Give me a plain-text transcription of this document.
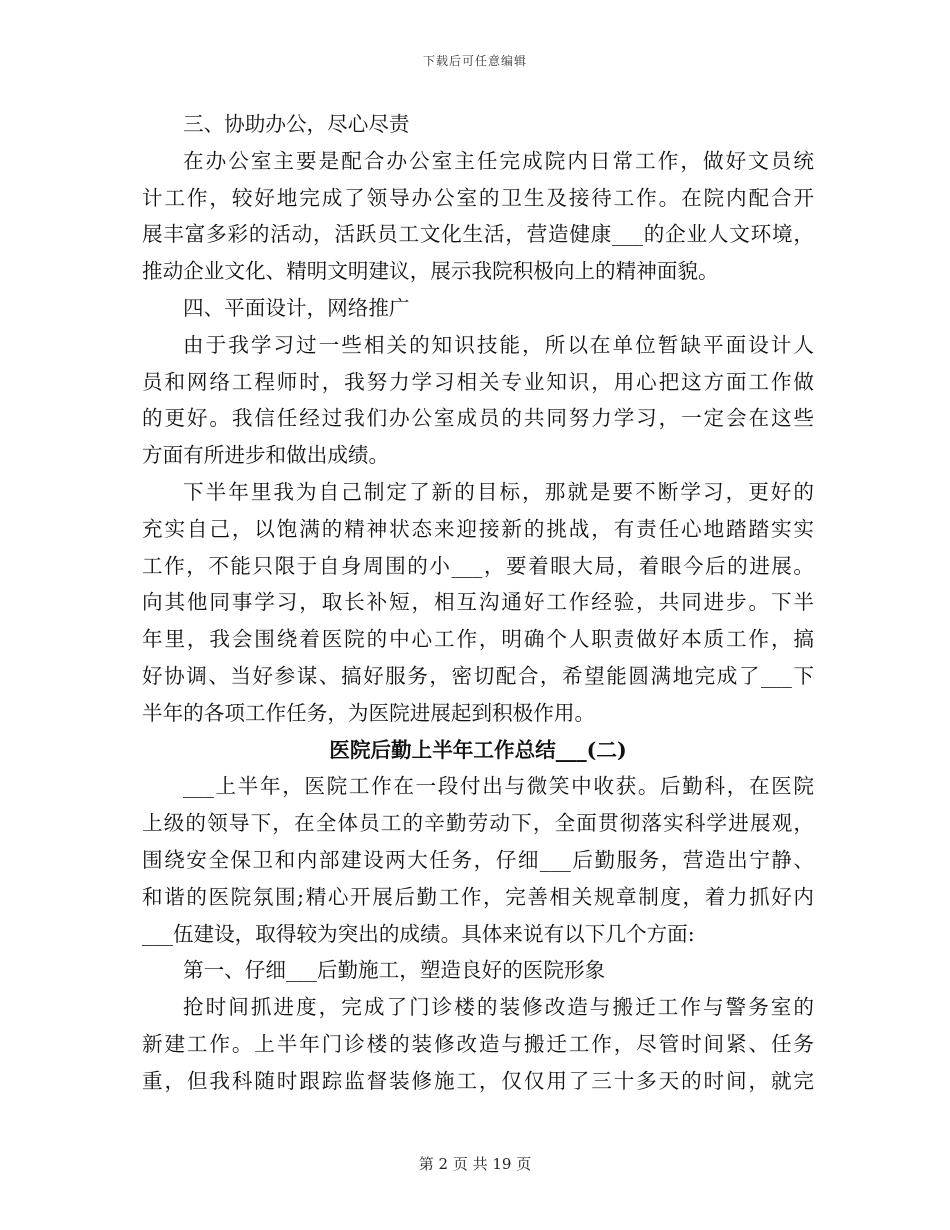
下载后可任意编辑
三、协助办公，尽心尽责
在办公室主要是配合办公室主任完成院内日常工作，做好文员统
计工作，较好地完成了领导办公室的卫生及接待工作。在院内配合开
展丰富多彩的活动，活跃员工文化生活，营造健康___的企业人文环境，
推动企业文化、精明文明建议，展示我院积极向上的精神面貌。
四、平面设计，网络推广
由于我学习过一些相关的知识技能，所以在单位暂缺平面设计人
员和网络工程师时，我努力学习相关专业知识，用心把这方面工作做
的更好。我信任经过我们办公室成员的共同努力学习，一定会在这些
方面有所进步和做出成绩。
下半年里我为自己制定了新的目标，那就是要不断学习，更好的
充实自己，以饱满的精神状态来迎接新的挑战，有责任心地踏踏实实
工作，不能只限于自身周围的小___，要着眼大局，着眼今后的进展。
向其他同事学习，取长补短，相互沟通好工作经验，共同进步。下半
年里，我会围绕着医院的中心工作，明确个人职责做好本质工作，搞
好协调、当好参谋、搞好服务，密切配合，希望能圆满地完成了___下
半年的各项工作任务，为医院进展起到积极作用。
医院后勤上半年工作总结___(二)
___上半年，医院工作在一段付出与微笑中收获。后勤科，在医院
上级的领导下，在全体员工的辛勤劳动下，全面贯彻落实科学进展观，
围绕安全保卫和内部建设两大任务，仔细___后勤服务，营造出宁静、
和谐的医院氛围;精心开展后勤工作，完善相关规章制度，着力抓好内
___伍建设，取得较为突出的成绩。具体来说有以下几个方面:
第一、仔细___后勤施工，塑造良好的医院形象
抢时间抓进度，完成了门诊楼的装修改造与搬迁工作与警务室的
新建工作。上半年门诊楼的装修改造与搬迁工作，尽管时间紧、任务
重，但我科随时跟踪监督装修施工，仅仅用了三十多天的时间，就完
第 2 页 共 19 页
